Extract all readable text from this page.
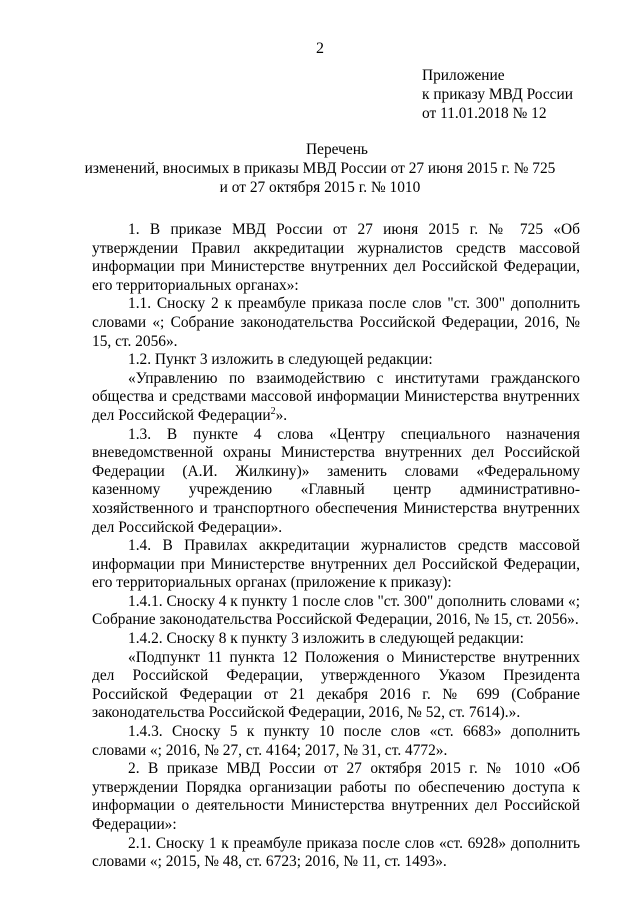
2
Приложение
к приказу МВД России
от 11.01.2018 № 12
Перечень
изменений, вносимых в приказы МВД России от 27 июня 2015 г. № 725
и от 27 октября 2015 г. № 1010

1. В приказе МВД России от 27 июня 2015 г. № 725 «Об утверждении Правил аккредитации журналистов средств массовой информации при Министерстве внутренних дел Российской Федерации, его территориальных органах»:

1.1. Сноску 2 к преамбуле приказа после слов "ст. 300" дополнить словами «; Собрание законодательства Российской Федерации, 2016, № 15, ст. 2056».

1.2. Пункт 3 изложить в следующей редакции:

«Управлению по взаимодействию с институтами гражданского общества и средствами массовой информации Министерства внутренних дел Российской Федерации$^2$».

1.3. В пункте 4 слова «Центру специального назначения вневедомственной охраны Министерства внутренних дел Российской Федерации (А.И. Жилкину)» заменить словами «Федеральному казенному учреждению «Главный центр административно-хозяйственного и транспортного обеспечения Министерства внутренних дел Российской Федерации».

1.4. В Правилах аккредитации журналистов средств массовой информации при Министерстве внутренних дел Российской Федерации, его территориальных органах (приложение к приказу):

1.4.1. Сноску 4 к пункту 1 после слов "ст. 300" дополнить словами «; Собрание законодательства Российской Федерации, 2016, № 15, ст. 2056».

1.4.2. Сноску 8 к пункту 3 изложить в следующей редакции:

«Подпункт 11 пункта 12 Положения о Министерстве внутренних дел Российской Федерации, утвержденного Указом Президента Российской Федерации от 21 декабря 2016 г. № 699 (Собрание законодательства Российской Федерации, 2016, № 52, ст. 7614).».

1.4.3. Сноску 5 к пункту 10 после слов «ст. 6683» дополнить словами «; 2016, № 27, ст. 4164; 2017, № 31, ст. 4772».

2. В приказе МВД России от 27 октября 2015 г. № 1010 «Об утверждении Порядка организации работы по обеспечению доступа к информации о деятельности Министерства внутренних дел Российской Федерации»:

2.1. Сноску 1 к преамбуле приказа после слов «ст. 6928» дополнить словами «; 2015, № 48, ст. 6723; 2016, № 11, ст. 1493».
